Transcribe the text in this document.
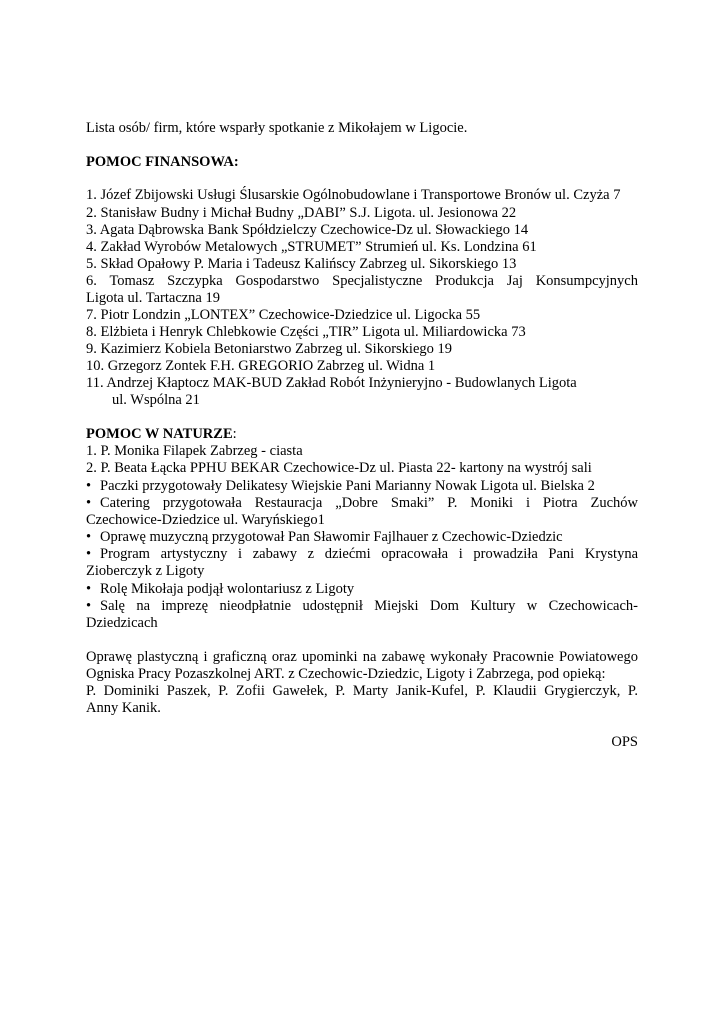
Lista osób/ firm, które wsparły spotkanie z Mikołajem w Ligocie.
POMOC FINANSOWA:
1. Józef Zbijowski Usługi Ślusarskie Ogólnobudowlane i Transportowe Bronów ul. Czyża 7
2. Stanisław Budny i Michał Budny „DABI” S.J. Ligota. ul. Jesionowa 22
3. Agata Dąbrowska Bank Spółdzielczy Czechowice-Dz ul. Słowackiego 14
4. Zakład Wyrobów Metalowych „STRUMET” Strumień ul. Ks. Londzina 61
5. Skład Opałowy P. Maria i Tadeusz Kalińscy Zabrzeg ul. Sikorskiego 13
6. Tomasz Szczypka Gospodarstwo Specjalistyczne Produkcja Jaj Konsumpcyjnych
Ligota ul. Tartaczna 19
7. Piotr Londzin „LONTEX” Czechowice-Dziedzice ul. Ligocka 55
8. Elżbieta i Henryk Chlebkowie Części „TIR” Ligota ul. Miliardowicka 73
9. Kazimierz Kobiela Betoniarstwo Zabrzeg ul. Sikorskiego 19
10. Grzegorz Zontek F.H. GREGORIO Zabrzeg ul. Widna 1
11. Andrzej Kłaptocz MAK-BUD Zakład Robót Inżynieryjno - Budowlanych Ligota
ul. Wspólna 21
POMOC W NATURZE:
1. P. Monika Filapek Zabrzeg - ciasta
2. P. Beata Łącka PPHU BEKAR Czechowice-Dz ul. Piasta 22- kartony na wystrój sali
• Paczki przygotowały Delikatesy Wiejskie Pani Marianny Nowak Ligota ul. Bielska 2
• Catering przygotowała Restauracja „Dobre Smaki” P. Moniki i Piotra Zuchów
Czechowice-Dziedzice ul. Waryńskiego1
• Oprawę muzyczną przygotował Pan Sławomir Fajlhauer z Czechowic-Dziedzic
• Program artystyczny i zabawy z dziećmi opracowała i prowadziła Pani Krystyna
Zioberczyk z Ligoty
• Rolę Mikołaja podjął wolontariusz z Ligoty
• Salę na imprezę nieodpłatnie udostępnił Miejski Dom Kultury w Czechowicach-
Dziedzicach
Oprawę plastyczną i graficzną oraz upominki na zabawę wykonały Pracownie Powiatowego
Ogniska Pracy Pozaszkolnej ART. z Czechowic-Dziedzic, Ligoty i Zabrzega, pod opieką:
P. Dominiki Paszek, P. Zofii Gawełek, P. Marty Janik-Kufel, P. Klaudii Grygierczyk, P.
Anny Kanik.
OPS
